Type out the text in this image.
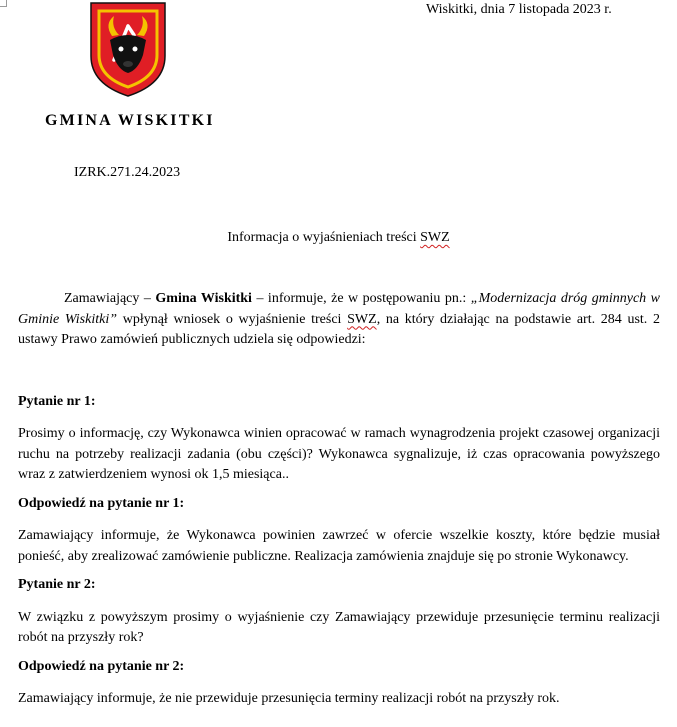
Wiskitki, dnia 7 listopada 2023 r.
GMINA WISKITKI
IZRK.271.24.2023
Informacja o wyjaśnieniach treści SWZ

Zamawiający – Gmina Wiskitki – informuje, że w postępowaniu pn.: „Modernizacja dróg gminnych w Gminie Wiskitki” wpłynął wniosek o wyjaśnienie treści SWZ, na który działając na podstawie art. 284 ust. 2 ustawy Prawo zamówień publicznych udziela się odpowiedzi:

Pytanie nr 1:

Prosimy o informację, czy Wykonawca winien opracować w ramach wynagrodzenia projekt czasowej organizacji ruchu na potrzeby realizacji zadania (obu części)? Wykonawca sygnalizuje, iż czas opracowania powyższego wraz z zatwierdzeniem wynosi ok 1,5 miesiąca..

Odpowiedź na pytanie nr 1:

Zamawiający informuje, że Wykonawca powinien zawrzeć w ofercie wszelkie koszty, które będzie musiał ponieść, aby zrealizować zamówienie publiczne. Realizacja zamówienia znajduje się po stronie Wykonawcy.

Pytanie nr 2:

W związku z powyższym prosimy o wyjaśnienie czy Zamawiający przewiduje przesunięcie terminu realizacji robót na przyszły rok?

Odpowiedź na pytanie nr 2:

Zamawiający informuje, że nie przewiduje przesunięcia terminy realizacji robót na przyszły rok.
